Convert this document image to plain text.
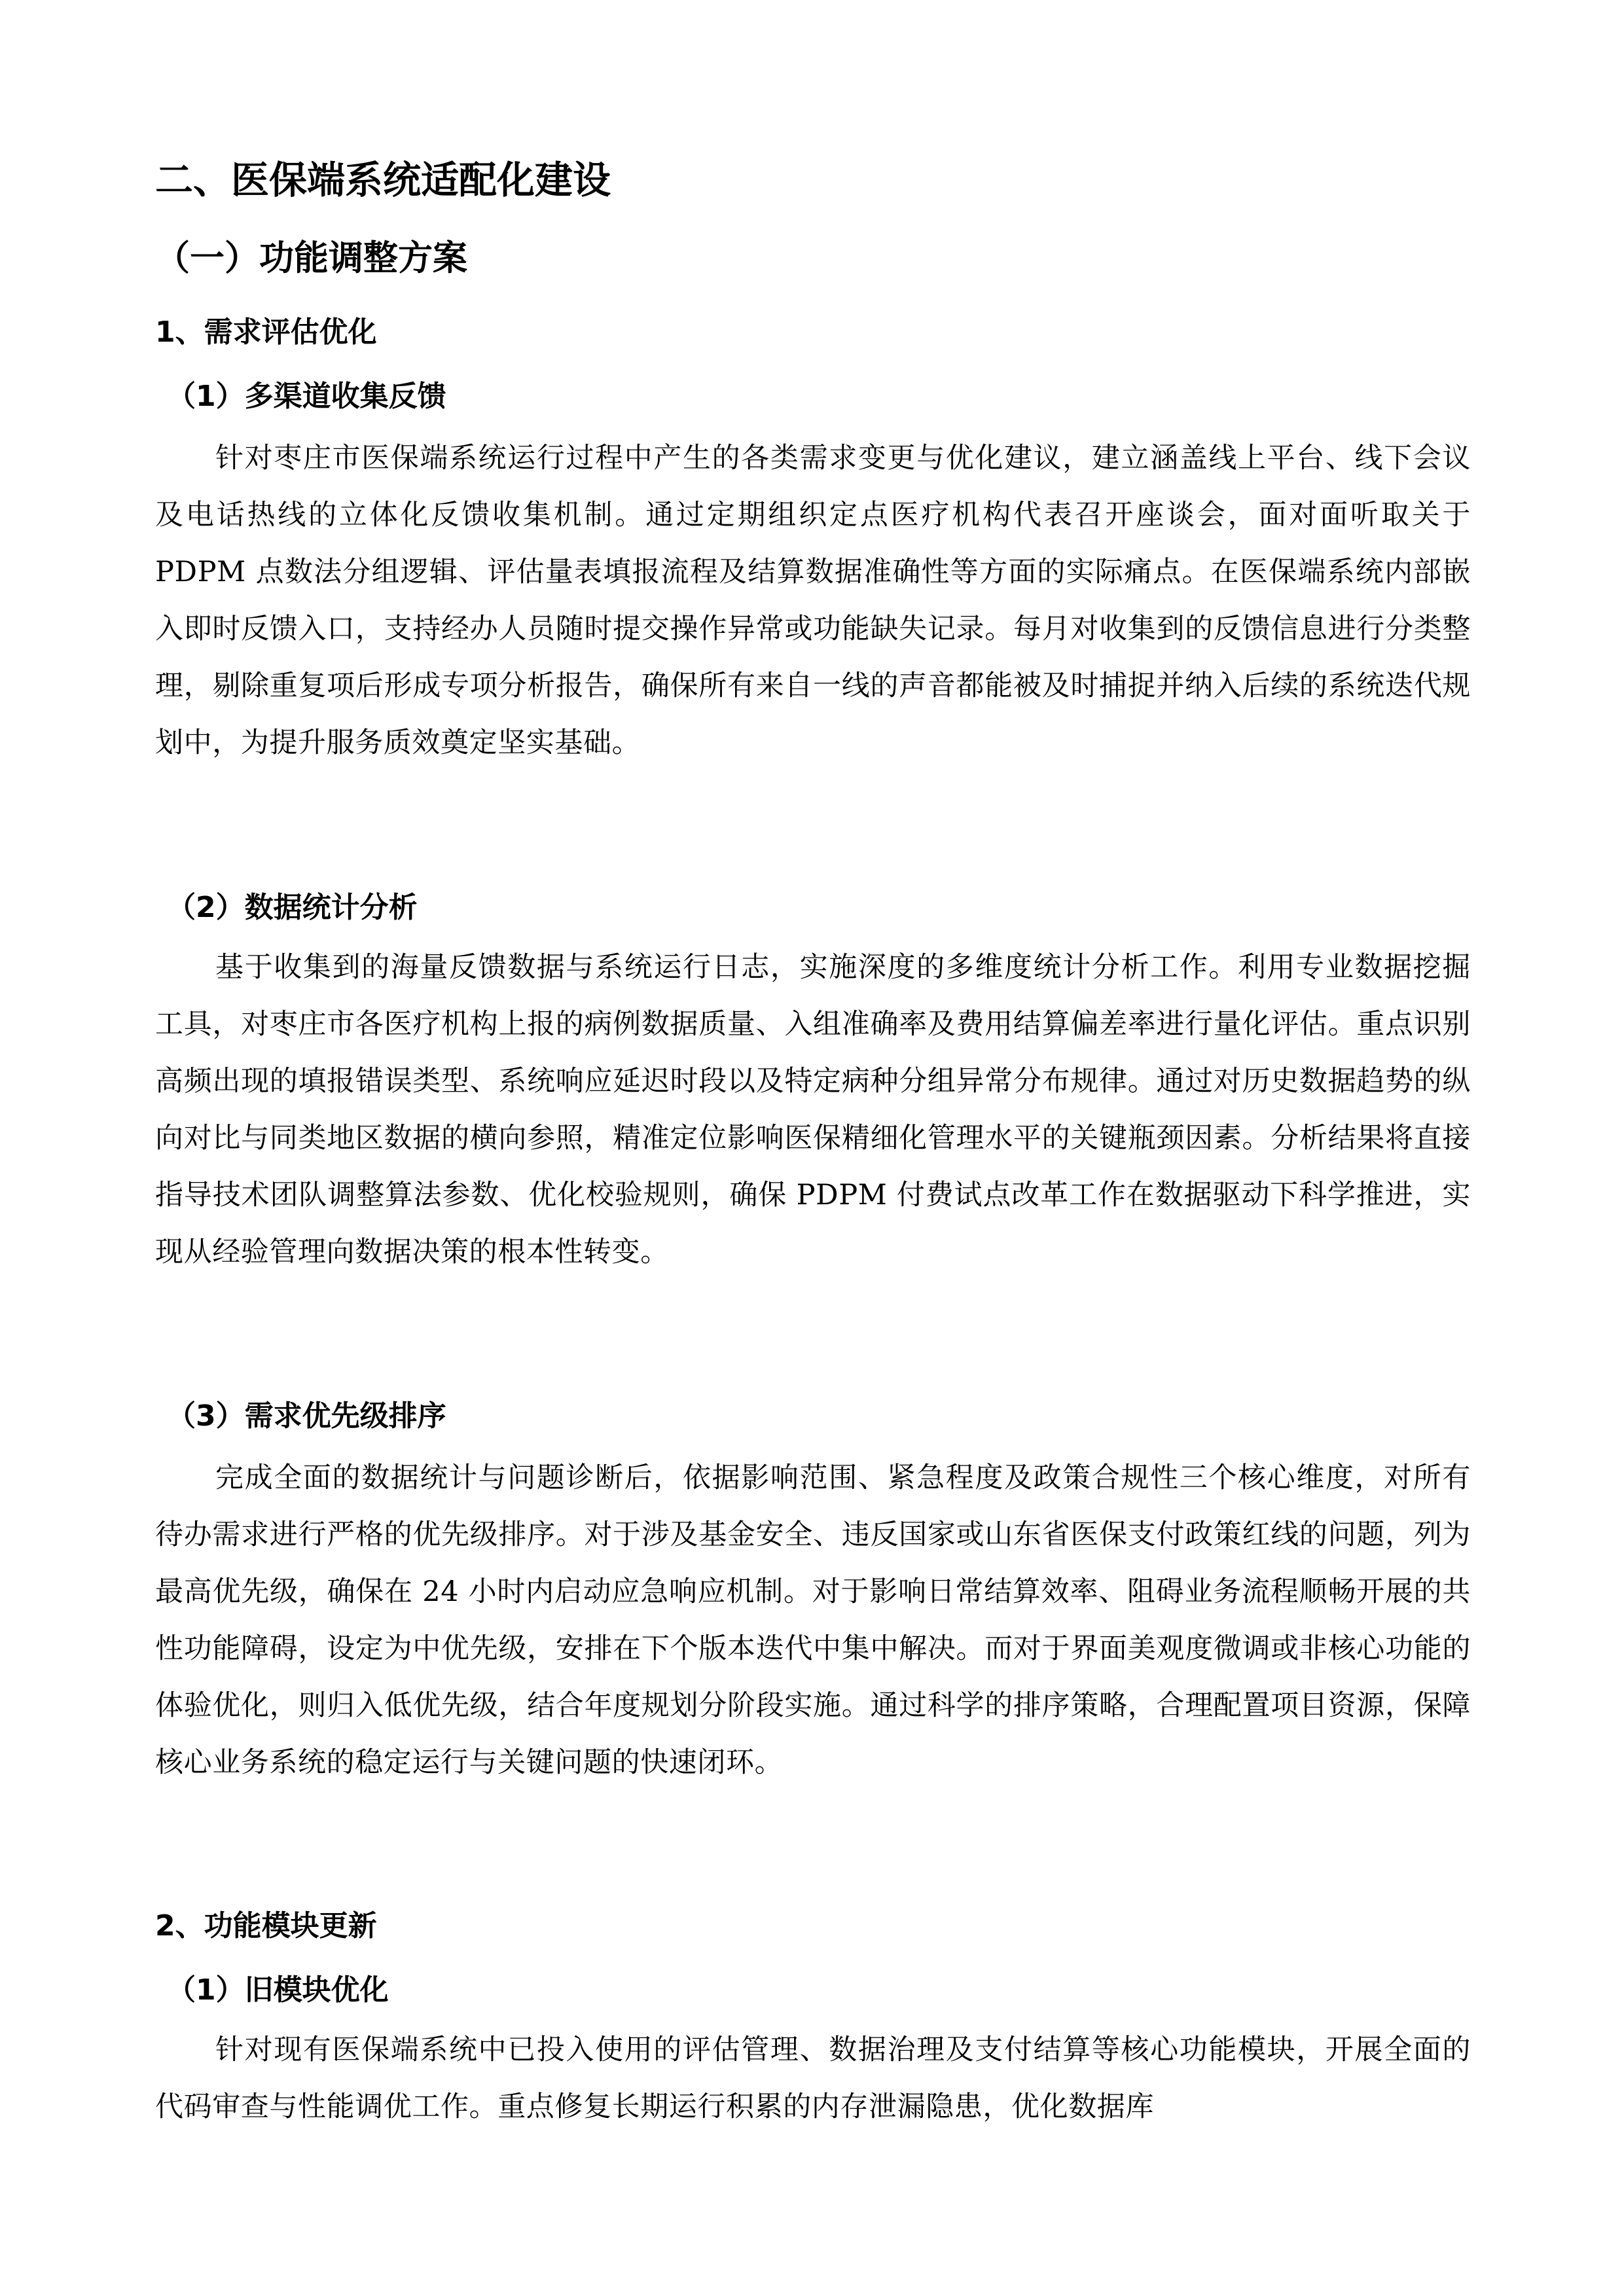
二、医保端系统适配化建设
（一）功能调整方案
1、需求评估优化
（1）多渠道收集反馈

针对枣庄市医保端系统运行过程中产生的各类需求变更与优化建议，建立涵盖线上平台、线下会议及电话热线的立体化反馈收集机制。通过定期组织定点医疗机构代表召开座谈会，面对面听取关于 PDPM 点数法分组逻辑、评估量表填报流程及结算数据准确性等方面的实际痛点。在医保端系统内部嵌入即时反馈入口，支持经办人员随时提交操作异常或功能缺失记录。每月对收集到的反馈信息进行分类整理，剔除重复项后形成专项分析报告，确保所有来自一线的声音都能被及时捕捉并纳入后续的系统迭代规划中，为提升服务质效奠定坚实基础。

（2）数据统计分析

基于收集到的海量反馈数据与系统运行日志，实施深度的多维度统计分析工作。利用专业数据挖掘工具，对枣庄市各医疗机构上报的病例数据质量、入组准确率及费用结算偏差率进行量化评估。重点识别高频出现的填报错误类型、系统响应延迟时段以及特定病种分组异常分布规律。通过对历史数据趋势的纵向对比与同类地区数据的横向参照，精准定位影响医保精细化管理水平的关键瓶颈因素。分析结果将直接指导技术团队调整算法参数、优化校验规则，确保 PDPM 付费试点改革工作在数据驱动下科学推进，实现从经验管理向数据决策的根本性转变。

（3）需求优先级排序

完成全面的数据统计与问题诊断后，依据影响范围、紧急程度及政策合规性三个核心维度，对所有待办需求进行严格的优先级排序。对于涉及基金安全、违反国家或山东省医保支付政策红线的问题，列为最高优先级，确保在 24 小时内启动应急响应机制。对于影响日常结算效率、阻碍业务流程顺畅开展的共性功能障碍，设定为中优先级，安排在下个版本迭代中集中解决。而对于界面美观度微调或非核心功能的体验优化，则归入低优先级，结合年度规划分阶段实施。通过科学的排序策略，合理配置项目资源，保障核心业务系统的稳定运行与关键问题的快速闭环。

2、功能模块更新
（1）旧模块优化

针对现有医保端系统中已投入使用的评估管理、数据治理及支付结算等核心功能模块，开展全面的代码审查与性能调优工作。重点修复长期运行积累的内存泄漏隐患，优化数据库
